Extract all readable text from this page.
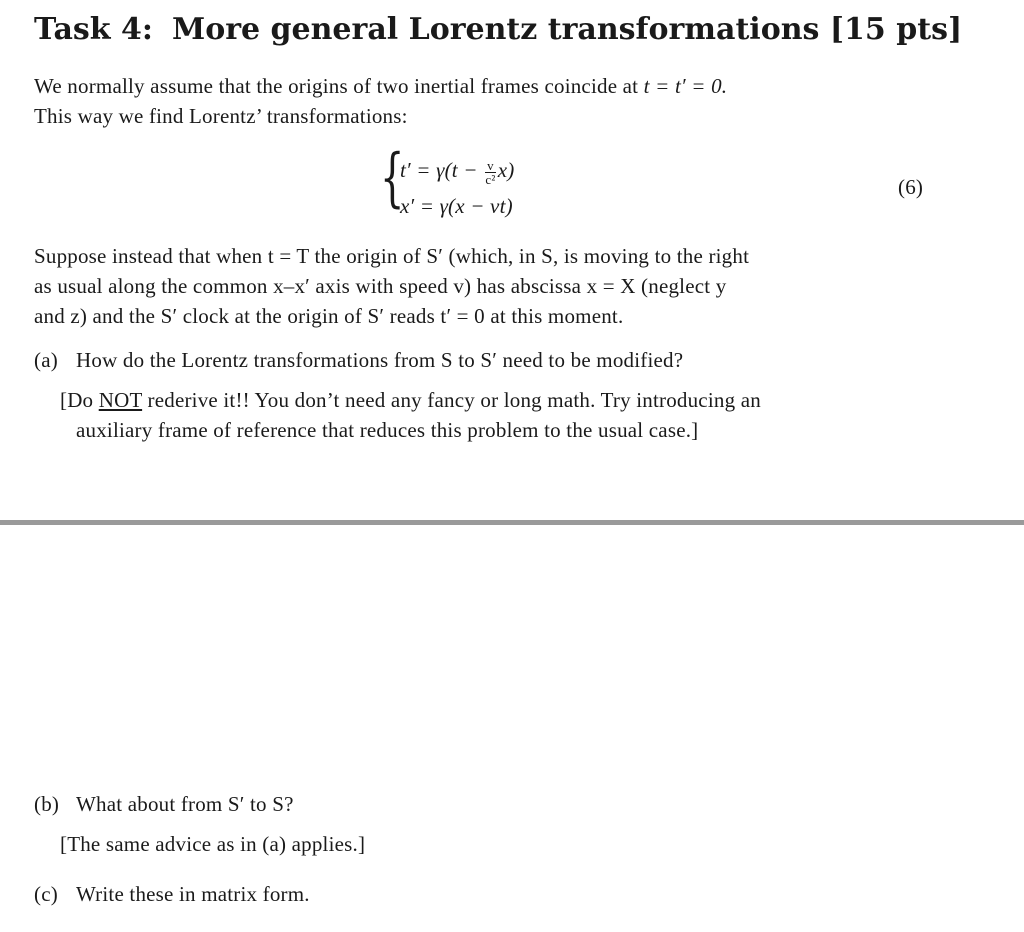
Task 4: More general Lorentz transformations [15 pts]
We normally assume that the origins of two inertial frames coincide at t = t′ = 0.
This way we find Lorentz’ transformations:
{
$t' = \gamma(t - \frac{v}{\text{c²}} x)$
x′ = γ(x − vt)
(6)
Suppose instead that when t = T the origin of S′ (which, in S, is moving to the right
as usual along the common x–x′ axis with speed v) has abscissa x = X (neglect y
and z) and the S′ clock at the origin of S′ reads t′ = 0 at this moment.
(a) How do the Lorentz transformations from S to S′ need to be modified?
[Do NOT rederive it!! You don’t need any fancy or long math. Try introducing an
auxiliary frame of reference that reduces this problem to the usual case.]
(b) What about from S′ to S?
[The same advice as in (a) applies.]
(c) Write these in matrix form.
